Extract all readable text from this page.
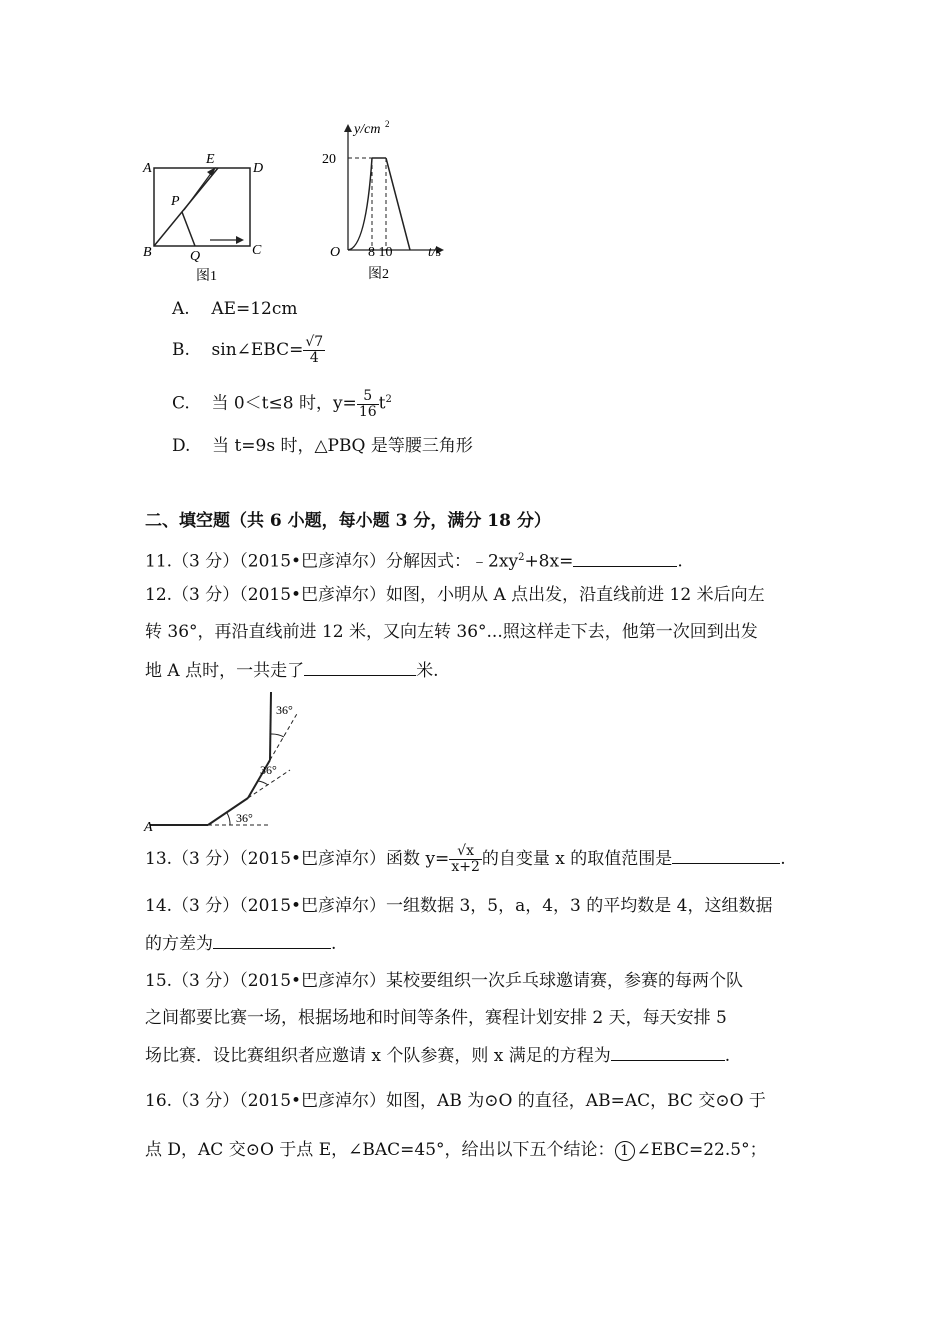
A
E
D
P
B	Q	C
图1
y/cm 2
20
O 8 10	t/s
图2
A. AE=12cm
B. sin∠EBC= $\frac{√7}{4}$
C. 当 0＜t≤8 时，$y= \frac{5}{16} t^2$
D. 当 t=9s 时，△PBQ 是等腰三角形
二、填空题（共 6 小题，每小题 3 分，满分 18 分）
11.（3 分）（2015•巴彦淖尔）分解因式：$﹣2xy^2+8x=$	.
12.（3 分）（2015•巴彦淖尔）如图，小明从 A 点出发，沿直线前进 12 米后向左
转 36°，再沿直线前进 12 米，又向左转 36°...照这样走下去，他第一次回到出发
地 A 点时，一共走了	米.
A
36°
36°
36°
13.（3 分）（2015•巴彦淖尔）函数 $y= \frac{√x}{x+2}$ 的自变量 x 的取值范围是	.
14.（3 分）（2015•巴彦淖尔）一组数据 3，5，a，4，3 的平均数是 4，这组数据
的方差为	.
15.（3 分）（2015•巴彦淖尔）某校要组织一次乒乓球邀请赛，参赛的每两个队
之间都要比赛一场，根据场地和时间等条件，赛程计划安排 2 天，每天安排 5
场比赛．设比赛组织者应邀请 x 个队参赛，则 x 满足的方程为	.
16.（3 分）（2015•巴彦淖尔）如图，AB 为⊙O 的直径，AB=AC，BC 交⊙O 于
点 D，AC 交⊙O 于点 E，∠BAC=45°，给出以下五个结论： 1 ∠EBC=22.5°；
